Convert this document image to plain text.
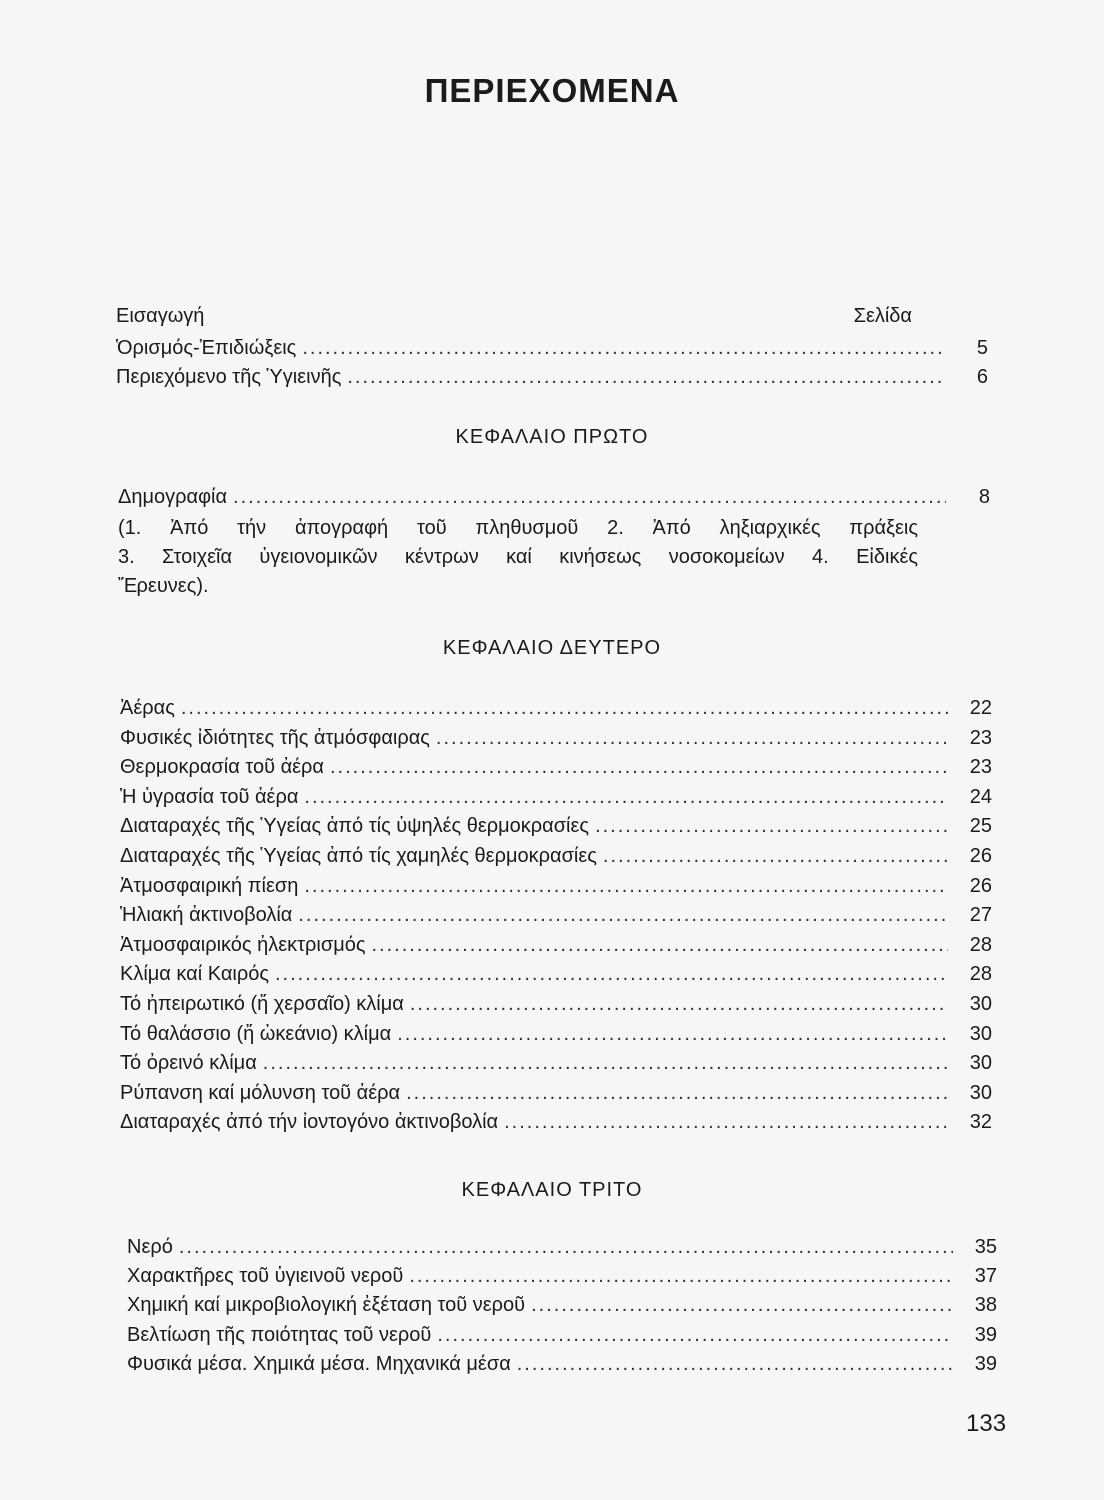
ΠΕΡΙΕΧΟΜΕΝΑ
Εισαγωγή	Σελίδα
Ὁρισμός-Ἐπιδιώξεις .....	5
Περιεχόμενο τῆς Ὑγιεινῆς .....	6
ΚΕΦΑΛΑΙΟ ΠΡΩΤΟ
Δημογραφία .....	8
(1. Ἀπό τήν ἀπογραφή τοῦ πληθυσμοῦ 2. Ἀπό ληξιαρχικές πράξεις
3. Στοιχεῖα ὑγειονομικῶν κέντρων καί κινήσεως νοσοκομείων 4. Εἰδικές
Ἔρευνες).
ΚΕΦΑΛΑΙΟ ΔΕΥΤΕΡΟ
Ἀέρας .....	22
Φυσικές ἰδιότητες τῆς ἀτμόσφαιρας .....	23
Θερμοκρασία τοῦ ἀέρα .....	23
Ἡ ὑγρασία τοῦ ἀέρα .....	24
Διαταραχές τῆς Ὑγείας ἀπό τίς ὑψηλές θερμοκρασίες .....	25
Διαταραχές τῆς Ὑγείας ἀπό τίς χαμηλές θερμοκρασίες .....	26
Ἀτμοσφαιρική πίεση .....	26
Ἡλιακή ἀκτινοβολία .....	27
Ἀτμοσφαιρικός ἠλεκτρισμός .....	28
Κλίμα καί Καιρός .....	28
Τό ἠπειρωτικό (ἤ χερσαῖο) κλίμα .....	30
Τό θαλάσσιο (ἤ ὠκεάνιο) κλίμα .....	30
Τό ὀρεινό κλίμα .....	30
Ρύπανση καί μόλυνση τοῦ ἀέρα .....	30
Διαταραχές ἀπό τήν ἰοντογόνο ἀκτινοβολία .....	32
ΚΕΦΑΛΑΙΟ ΤΡΙΤΟ
Νερό .....	35
Χαρακτῆρες τοῦ ὑγιεινοῦ νεροῦ .....	37
Χημική καί μικροβιολογική ἐξέταση τοῦ νεροῦ .....	38
Βελτίωση τῆς ποιότητας τοῦ νεροῦ .....	39
Φυσικά μέσα. Χημικά μέσα. Μηχανικά μέσα .....	39
133
